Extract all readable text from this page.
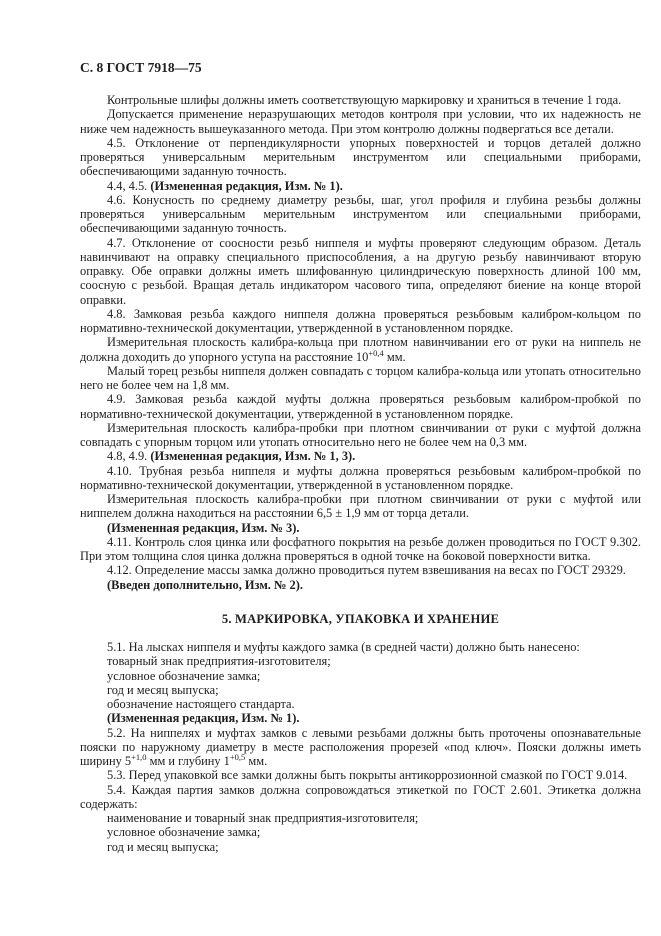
С. 8 ГОСТ 7918—75

Контрольные шлифы должны иметь соответствующую маркировку и храниться в течение 1 года.

Допускается применение неразрушающих методов контроля при условии, что их надежность не ниже чем надежность вышеуказанного метода. При этом контролю должны подвергаться все детали.

4.5. Отклонение от перпендикулярности упорных поверхностей и торцов деталей должно проверяться универсальным мерительным инструментом или специальными приборами, обеспечивающими заданную точность.

4.4, 4.5. (Измененная редакция, Изм. № 1).

4.6. Конусность по среднему диаметру резьбы, шаг, угол профиля и глубина резьбы должны проверяться универсальным мерительным инструментом или специальными приборами, обеспечивающими заданную точность.

4.7. Отклонение от соосности резьб ниппеля и муфты проверяют следующим образом. Деталь навинчивают на оправку специального приспособления, а на другую резьбу навинчивают вторую оправку. Обе оправки должны иметь шлифованную цилиндрическую поверхность длиной 100 мм, соосную с резьбой. Вращая деталь индикатором часового типа, определяют биение на конце второй оправки.

4.8. Замковая резьба каждого ниппеля должна проверяться резьбовым калибром-кольцом по нормативно-технической документации, утвержденной в установленном порядке.

Измерительная плоскость калибра-кольца при плотном навинчивании его от руки на ниппель не должна доходить до упорного уступа на расстояние $10^{+0,4}$ мм.

Малый торец резьбы ниппеля должен совпадать с торцом калибра-кольца или утопать относительно него не более чем на 1,8 мм.

4.9. Замковая резьба каждой муфты должна проверяться резьбовым калибром-пробкой по нормативно-технической документации, утвержденной в установленном порядке.

Измерительная плоскость калибра-пробки при плотном свинчивании от руки с муфтой должна совпадать с упорным торцом или утопать относительно него не более чем на 0,3 мм.

4.8, 4.9. (Измененная редакция, Изм. № 1, 3).

4.10. Трубная резьба ниппеля и муфты должна проверяться резьбовым калибром-пробкой по нормативно-технической документации, утвержденной в установленном порядке.

Измерительная плоскость калибра-пробки при плотном свинчивании от руки с муфтой или ниппелем должна находиться на расстоянии 6,5 ± 1,9 мм от торца детали.

(Измененная редакция, Изм. № 3).

4.11. Контроль слоя цинка или фосфатного покрытия на резьбе должен проводиться по ГОСТ 9.302. При этом толщина слоя цинка должна проверяться в одной точке на боковой поверхности витка.

4.12. Определение массы замка должно проводиться путем взвешивания на весах по ГОСТ 29329.

(Введен дополнительно, Изм. № 2).

5. МАРКИРОВКА, УПАКОВКА И ХРАНЕНИЕ

5.1. На лысках ниппеля и муфты каждого замка (в средней части) должно быть нанесено:

товарный знак предприятия-изготовителя;

условное обозначение замка;

год и месяц выпуска;

обозначение настоящего стандарта.

(Измененная редакция, Изм. № 1).

5.2. На ниппелях и муфтах замков с левыми резьбами должны быть проточены опознавательные пояски по наружному диаметру в месте расположения прорезей «под ключ». Пояски должны иметь ширину $5^{+1,0}$ мм и глубину $1^{+0,5}$ мм.

5.3. Перед упаковкой все замки должны быть покрыты антикоррозионной смазкой по ГОСТ 9.014.

5.4. Каждая партия замков должна сопровождаться этикеткой по ГОСТ 2.601. Этикетка должна содержать:

наименование и товарный знак предприятия-изготовителя;

условное обозначение замка;

год и месяц выпуска;
